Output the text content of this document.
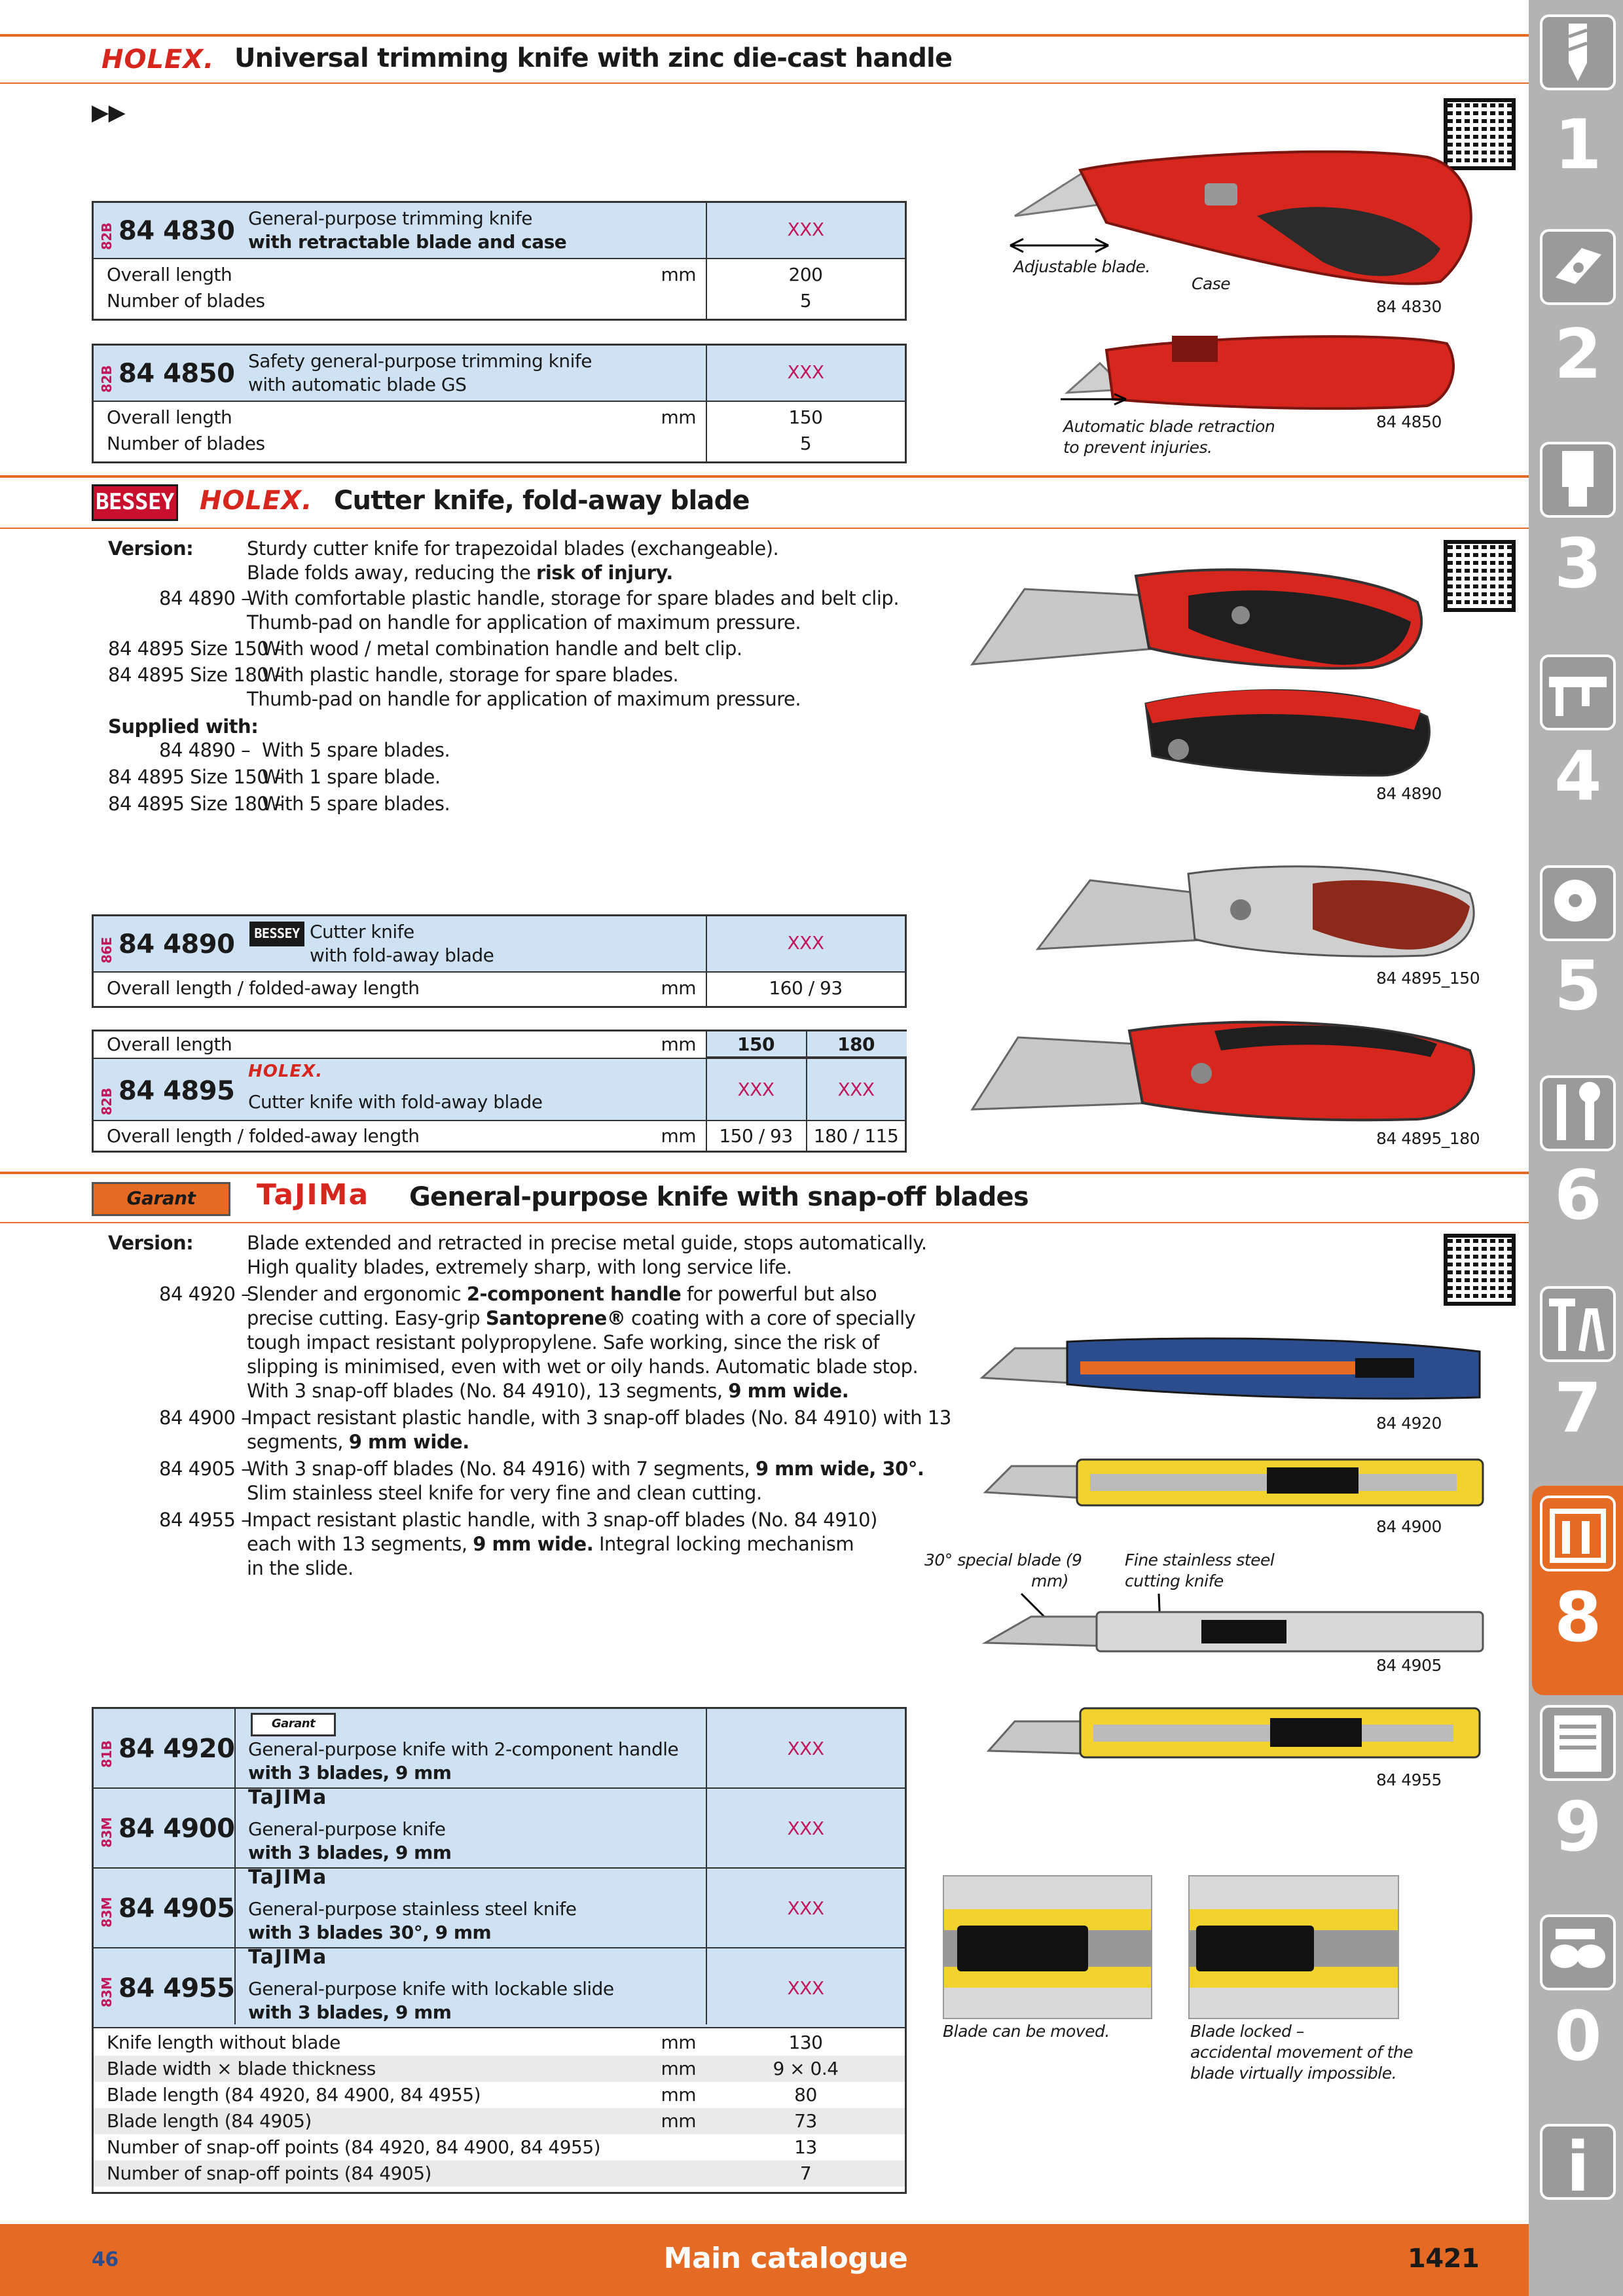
1
2
3
4
5
6
7
8
9
0
i
HOLEX. Universal trimming knife with zinc die-cast handle
▶▶
82B 84 4830 General-purpose trimming knife
with retractable blade and case
XXX
Overall length	mm	200
Number of blades	5
82B 84 4850 Safety general-purpose trimming knife
with automatic blade GS
XXX
Overall length	mm	150
Number of blades	5
Adjustable blade.
Case
84 4830
Automatic blade retraction
to prevent injuries.
84 4850
BESSEY HOLEX. Cutter knife, fold-away blade
Version:	Sturdy cutter knife for trapezoidal blades (exchangeable).
Blade folds away, reducing the risk of injury.
84 4890 –
With comfortable plastic handle, storage for spare blades and belt clip.
Thumb-pad on handle for application of maximum pressure.
84 4895 Size 150 –
With wood / metal combination handle and belt clip.
84 4895 Size 180 –
With plastic handle, storage for spare blades.
Thumb-pad on handle for application of maximum pressure.
Supplied with:
84 4890 – With 5 spare blades.
84 4895 Size 150 –
With 1 spare blade.
84 4895 Size 180 –
With 5 spare blades.
86E 84 4890	BESSEY Cutter knife
with fold-away blade
XXX
Overall length / folded-away length	mm	160 / 93
Overall length	mm	150	180
82B 84 4895
HOLEX.
Cutter knife with fold-away blade
XXX	XXX
Overall length / folded-away length	mm	150 / 93	180 / 115
84 4890
84 4895_150
84 4895_180
Garant	TaJIMa General-purpose knife with snap-off blades
Version:	Blade extended and retracted in precise metal guide, stops automatically.
High quality blades, extremely sharp, with long service life.
84 4920 –
Slender and ergonomic 2-component handle for powerful but also
precise cutting. Easy-grip Santoprene® coating with a core of specially
tough impact resistant polypropylene. Safe working, since the risk of
slipping is minimised, even with wet or oily hands. Automatic blade stop.
With 3 snap-off blades (No. 84 4910), 13 segments, 9 mm wide.
84 4900 –
Impact resistant plastic handle, with 3 snap-off blades (No. 84 4910) with 13
segments, 9 mm wide.
84 4905 –
With 3 snap-off blades (No. 84 4916) with 7 segments, 9 mm wide, 30°.
Slim stainless steel knife for very fine and clean cutting.
84 4955 –
Impact resistant plastic handle, with 3 snap-off blades (No. 84 4910)
each with 13 segments, 9 mm wide. Integral locking mechanism
in the slide.
81B 84 4920
Garant
General-purpose knife with 2-component handle
with 3 blades, 9 mm
XXX
83M 84 4900
TaJIMa
General-purpose knife
with 3 blades, 9 mm
XXX
83M 84 4905
TaJIMa
General-purpose stainless steel knife
with 3 blades 30°, 9 mm
XXX
83M 84 4955
TaJIMa
General-purpose knife with lockable slide
with 3 blades, 9 mm
XXX
Knife length without blade	mm	130
Blade width × blade thickness	mm	9 × 0.4
Blade length (84 4920, 84 4900, 84 4955)	mm	80
Blade length (84 4905)	mm	73
Number of snap-off points (84 4920, 84 4900, 84 4955)	13
Number of snap-off points (84 4905)	7
84 4920
84 4900
30° special blade (9
mm)
Fine stainless steel
cutting knife
84 4905
84 4955
Blade can be moved.	Blade locked –
accidental movement of the
blade virtually impossible.
46	Main catalogue	1421
